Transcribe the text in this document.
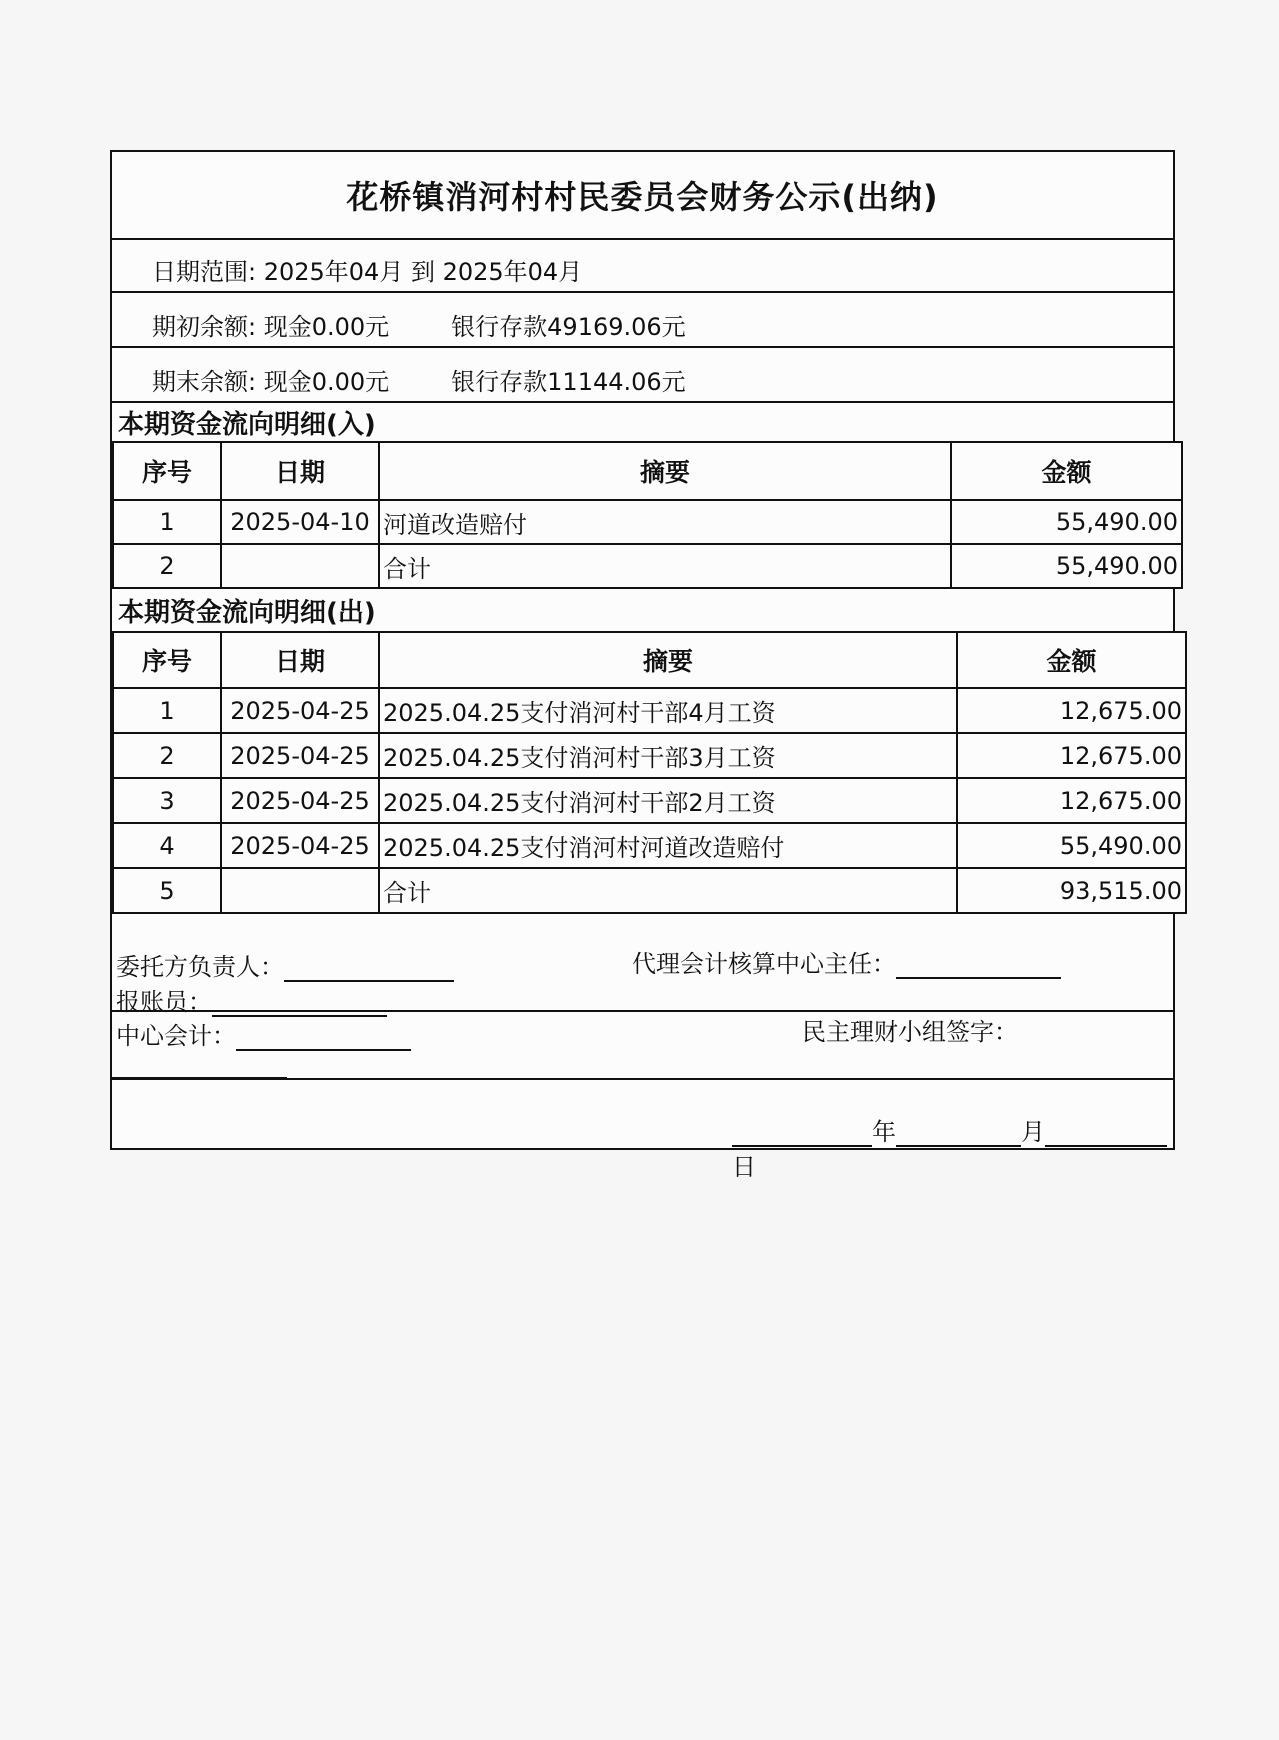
花桥镇消河村村民委员会财务公示(出纳)
日期范围: 2025年04月 到 2025年04月
期初余额: 现金0.00元	银行存款49169.06元
期末余额: 现金0.00元	银行存款11144.06元
本期资金流向明细(入)
序号	日期	摘要	金额
1	2025-04-10	河道改造赔付	55,490.00
2		合计	55,490.00
本期资金流向明细(出)
序号	日期	摘要	金额
1	2025-04-25	2025.04.25支付消河村干部4月工资	12,675.00
2	2025-04-25	2025.04.25支付消河村干部3月工资	12,675.00
3	2025-04-25	2025.04.25支付消河村干部2月工资	12,675.00
4	2025-04-25	2025.04.25支付消河村河道改造赔付	55,490.00
5		合计	93,515.00
委托方负责人：	代理会计核算中心主任：
报账员：
中心会计：	民主理财小组签字：
年	月日
